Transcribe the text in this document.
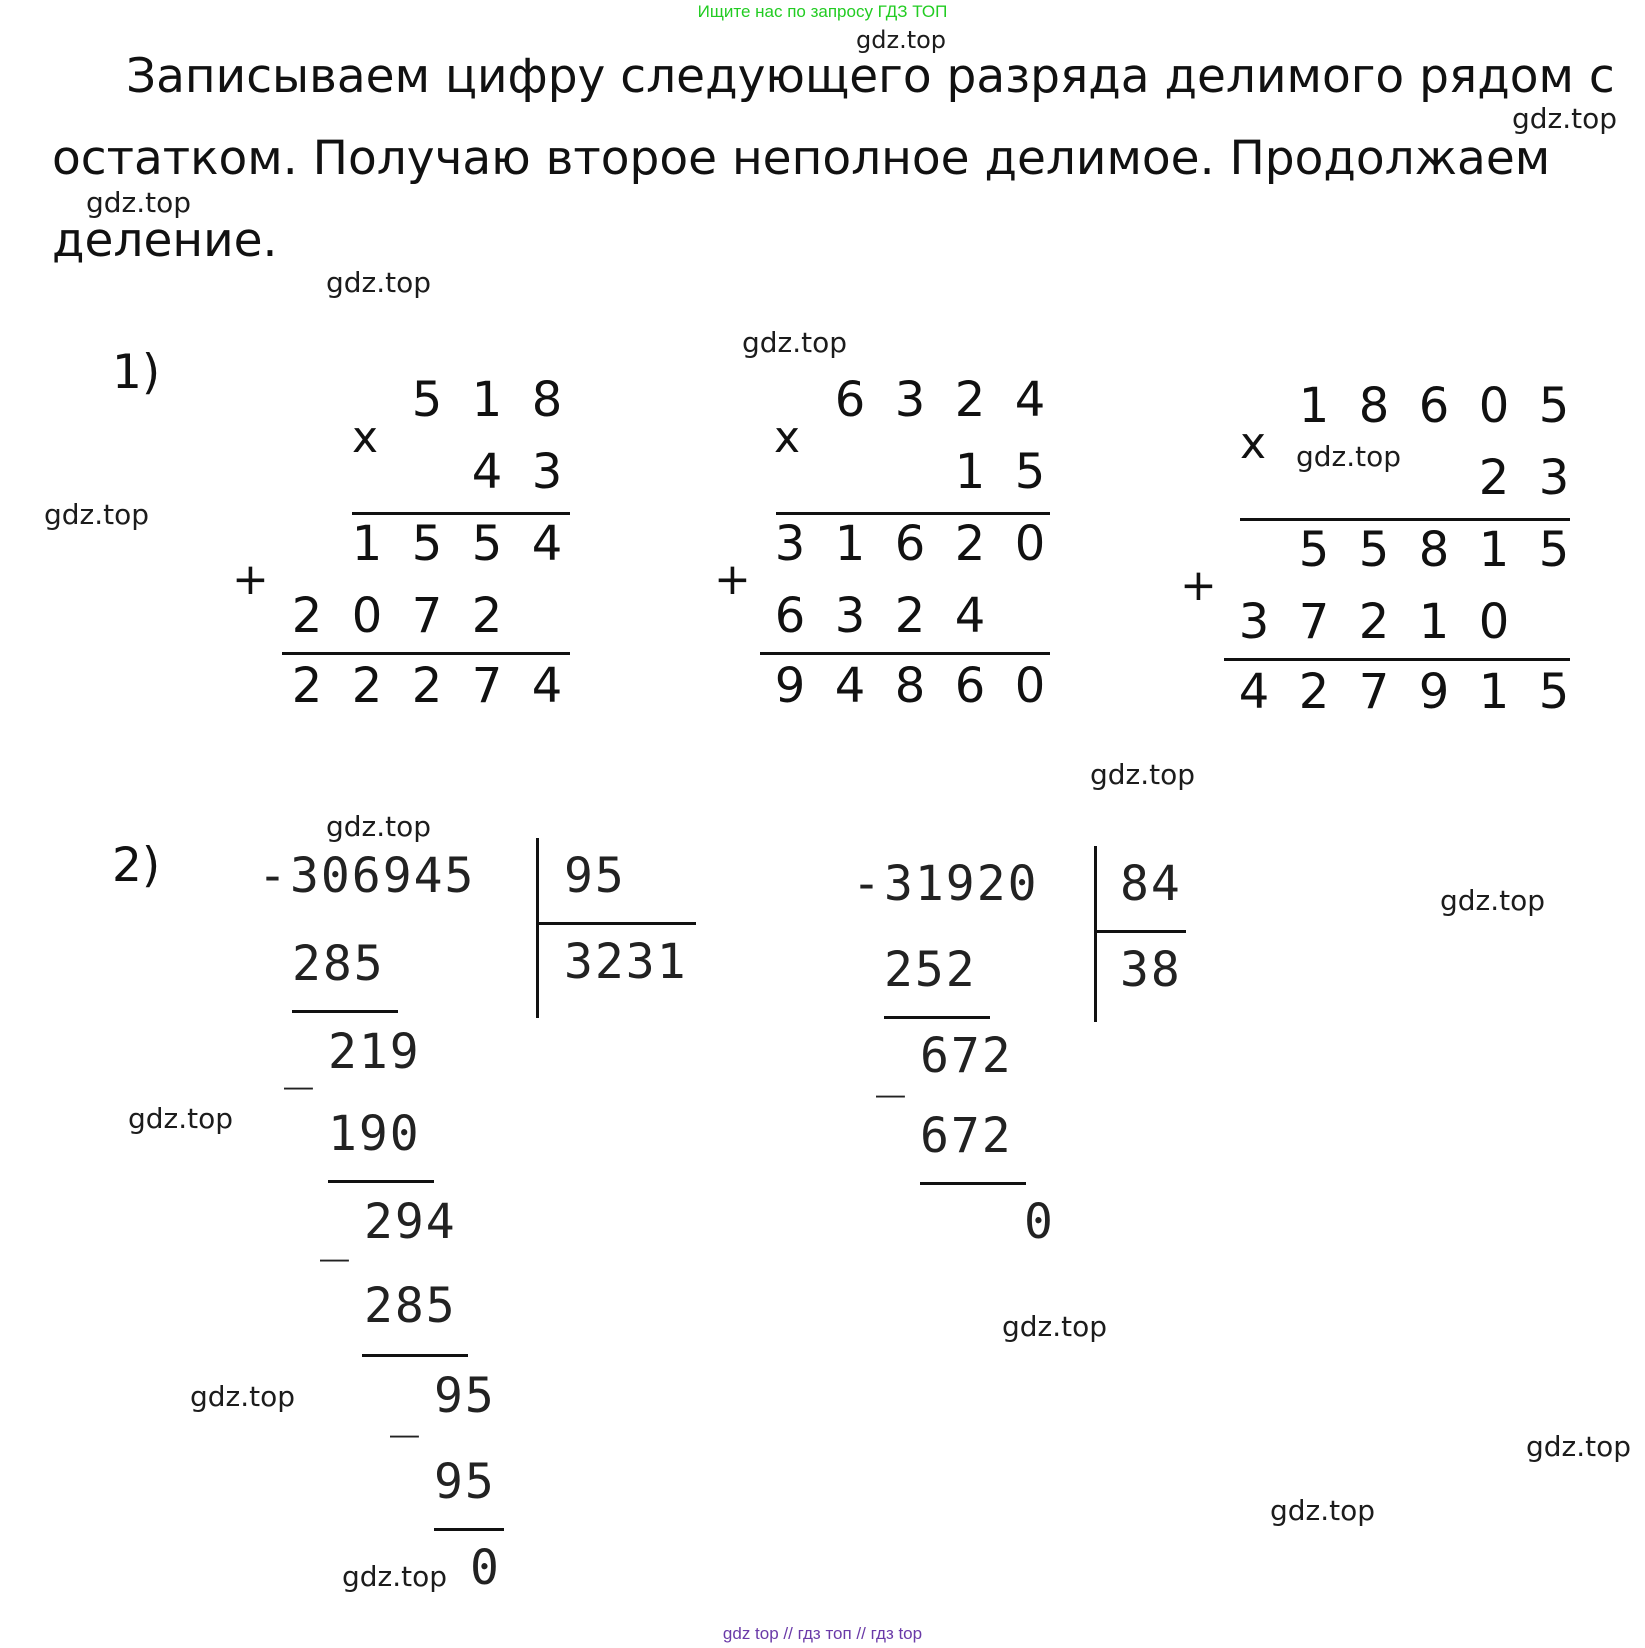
Ищите нас по запросу ГДЗ ТОП
Записываем цифру следующего разряда делимого рядом с
остатком. Получаю второе неполное делимое. Продолжаем
деление.
1)
2)
x
5 1 8
4 3
1 5 5 4
+
2 0 7 2
2 2 2 7 4
x
6 3 2 4
1 5
3 1 6 2 0
+
6 3 2 4
9 4 8 6 0
x
1 8 6 0 5
2 3
5 5 8 1 5
+
3 7 2 1 0
4 2 7 9 1 5
- 306945 95
3231
285
_ 219
190
_ 294
285
_ 95
95
0
- 31920 84
38
252
_ 672
672
0
gdz.top
gdz.top
gdz.top
gdz.top
gdz.top
gdz.top
gdz.top
gdz.top
gdz.top
gdz.top
gdz.top
gdz.top
gdz.top
gdz.top
gdz.top
gdz.top
gdz top // гдз топ // гдз top
